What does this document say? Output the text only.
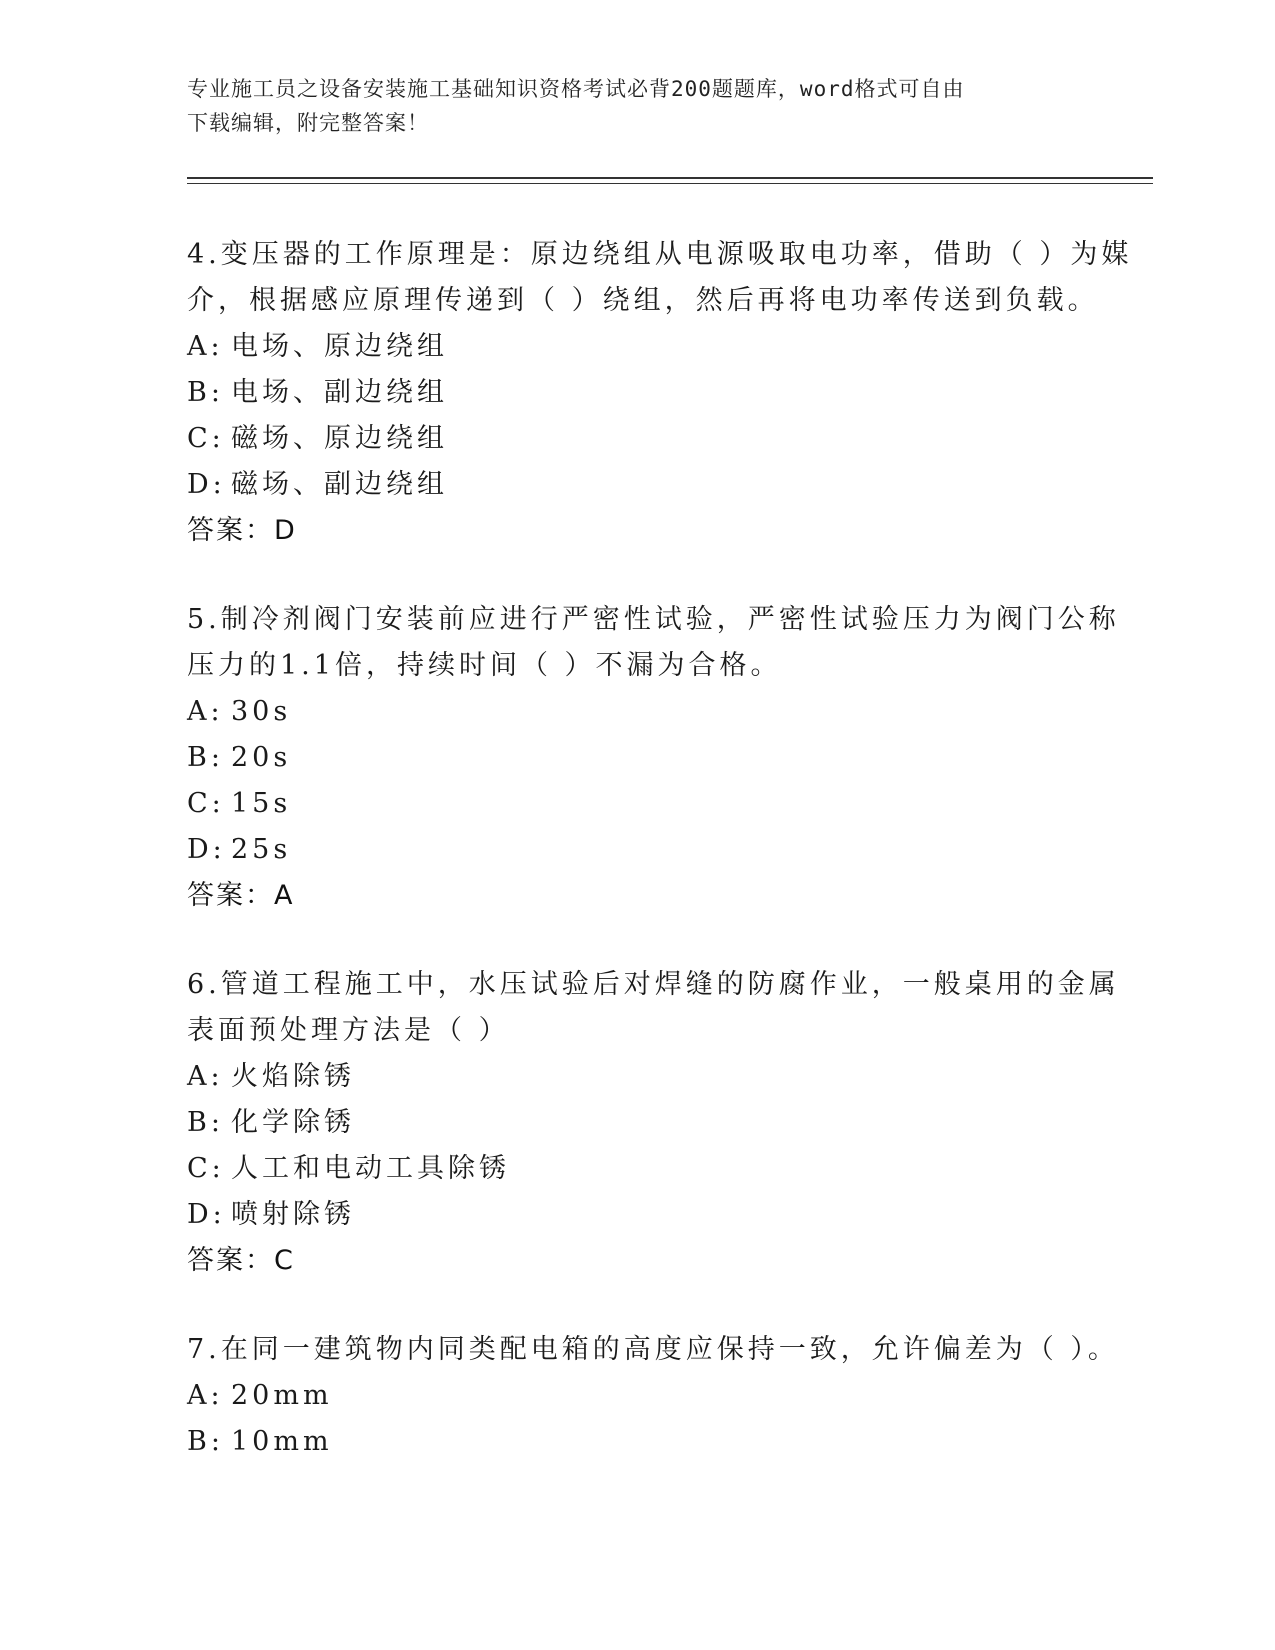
专业施工员之设备安装施工基础知识资格考试必背200题题库，word格式可自由
下载编辑，附完整答案！
4.变压器的工作原理是：原边绕组从电源吸取电功率，借助（ ）为媒
介，根据感应原理传递到（ ）绕组，然后再将电功率传送到负载。
A: 电场、原边绕组
B: 电场、副边绕组
C: 磁场、原边绕组
D: 磁场、副边绕组
答案：D
5.制冷剂阀门安装前应进行严密性试验，严密性试验压力为阀门公称
压力的1.1倍，持续时间（ ）不漏为合格。
A: 30s
B: 20s
C: 15s
D: 25s
答案：A
6.管道工程施工中，水压试验后对焊缝的防腐作业，一般桌用的金属
表面预处理方法是（ ）
A: 火焰除锈
B: 化学除锈
C: 人工和电动工具除锈
D: 喷射除锈
答案：C
7.在同一建筑物内同类配电箱的高度应保持一致，允许偏差为（ ）。
A: 20mm
B: 10mm
